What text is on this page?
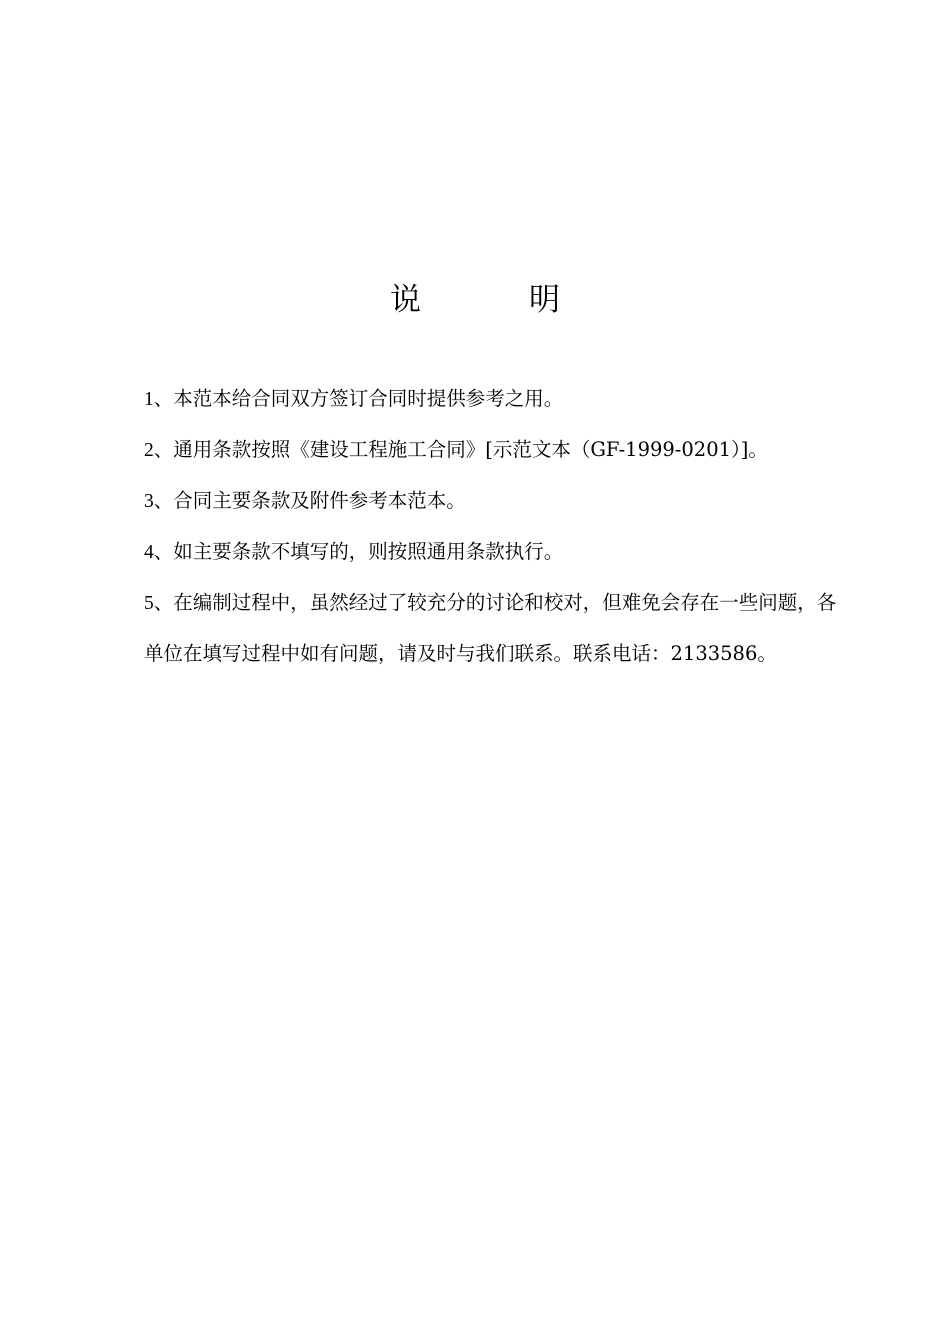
说	明

1、本范本给合同双方签订合同时提供参考之用。

2、通用条款按照《建设工程施工合同》[示范文本（GF-1999-0201）]。

3、合同主要条款及附件参考本范本。

4、如主要条款不填写的，则按照通用条款执行。

5、在编制过程中，虽然经过了较充分的讨论和校对，但难免会存在一些问题，各单位在填写过程中如有问题，请及时与我们联系。联系电话：2133586。
